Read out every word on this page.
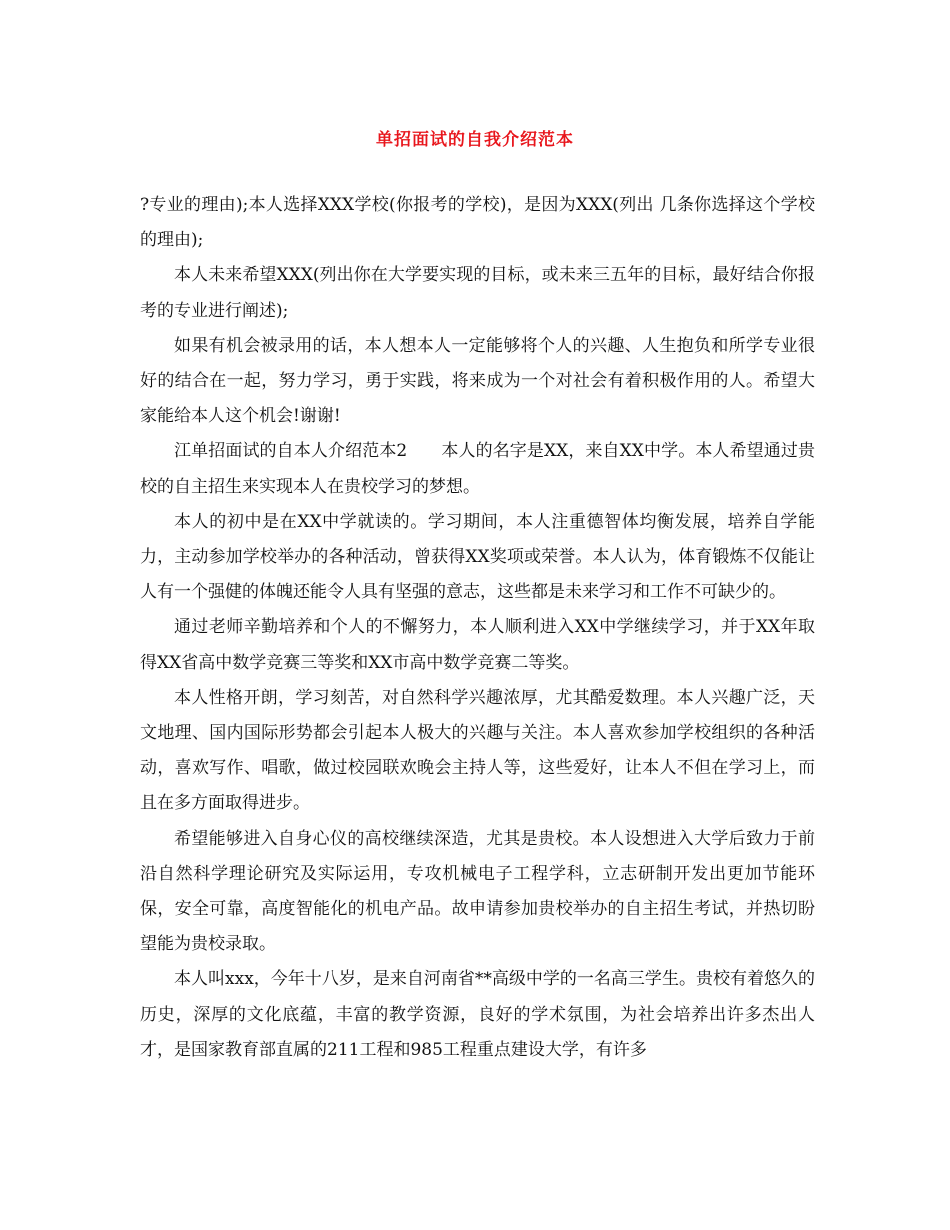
单招面试的自我介绍范本

?专业的理由);本人选择XXX学校(你报考的学校)，是因为XXX(列出 几条你选择这个学校的理由);

本人未来希望XXX(列出你在大学要实现的目标，或未来三五年的目标，最好结合你报考的专业进行阐述);

如果有机会被录用的话，本人想本人一定能够将个人的兴趣、人生抱负和所学专业很好的结合在一起，努力学习，勇于实践，将来成为一个对社会有着积极作用的人。希望大家能给本人这个机会!谢谢!

江单招面试的自本人介绍范本2 本人的名字是XX，来自XX中学。本人希望通过贵校的自主招生来实现本人在贵校学习的梦想。

本人的初中是在XX中学就读的。学习期间，本人注重德智体均衡发展，培养自学能力，主动参加学校举办的各种活动，曾获得XX奖项或荣誉。本人认为，体育锻炼不仅能让人有一个强健的体魄还能令人具有坚强的意志，这些都是未来学习和工作不可缺少的。

通过老师辛勤培养和个人的不懈努力，本人顺利进入XX中学继续学习，并于XX年取得XX省高中数学竞赛三等奖和XX市高中数学竞赛二等奖。

本人性格开朗，学习刻苦，对自然科学兴趣浓厚，尤其酷爱数理。本人兴趣广泛，天文地理、国内国际形势都会引起本人极大的兴趣与关注。本人喜欢参加学校组织的各种活动，喜欢写作、唱歌，做过校园联欢晚会主持人等，这些爱好，让本人不但在学习上，而且在多方面取得进步。

希望能够进入自身心仪的高校继续深造，尤其是贵校。本人设想进入大学后致力于前沿自然科学理论研究及实际运用，专攻机械电子工程学科，立志研制开发出更加节能环保，安全可靠，高度智能化的机电产品。故申请参加贵校举办的自主招生考试，并热切盼望能为贵校录取。

本人叫xxx，今年十八岁，是来自河南省**高级中学的一名高三学生。贵校有着悠久的历史，深厚的文化底蕴，丰富的教学资源，良好的学术氛围，为社会培养出许多杰出人才，是国家教育部直属的211工程和985工程重点建设大学，有许多
